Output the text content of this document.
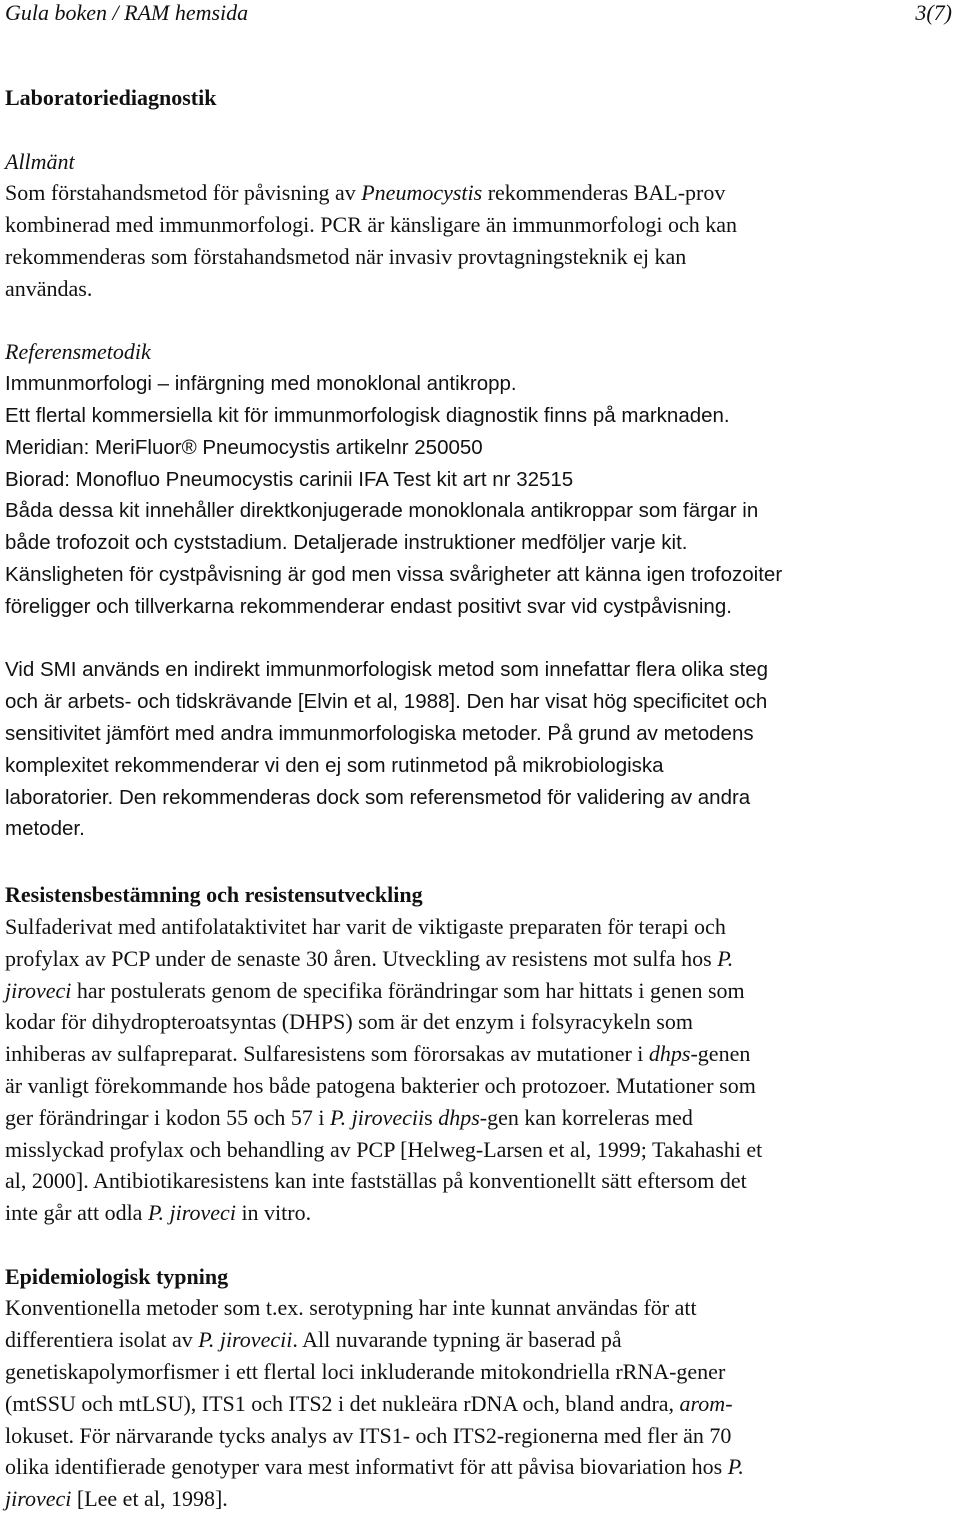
Gula boken / RAM hemsida	3(7)
Laboratoriediagnostik
Allmänt
Som förstahandsmetod för påvisning av Pneumocystis rekommenderas BAL-prov
kombinerad med immunmorfologi. PCR är känsligare än immunmorfologi och kan
rekommenderas som förstahandsmetod när invasiv provtagningsteknik ej kan
användas.
Referensmetodik
Immunmorfologi – infärgning med monoklonal antikropp.
Ett flertal kommersiella kit för immunmorfologisk diagnostik finns på marknaden.
Meridian: MeriFluor® Pneumocystis artikelnr 250050
Biorad: Monofluo Pneumocystis carinii IFA Test kit art nr 32515
Båda dessa kit innehåller direktkonjugerade monoklonala antikroppar som färgar in
både trofozoit och cyststadium. Detaljerade instruktioner medföljer varje kit.
Känsligheten för cystpåvisning är god men vissa svårigheter att känna igen trofozoiter
föreligger och tillverkarna rekommenderar endast positivt svar vid cystpåvisning.
Vid SMI används en indirekt immunmorfologisk metod som innefattar flera olika steg
och är arbets- och tidskrävande [Elvin et al, 1988]. Den har visat hög specificitet och
sensitivitet jämfört med andra immunmorfologiska metoder. På grund av metodens
komplexitet rekommenderar vi den ej som rutinmetod på mikrobiologiska
laboratorier. Den rekommenderas dock som referensmetod för validering av andra
metoder.
Resistensbestämning och resistensutveckling
Sulfaderivat med antifolataktivitet har varit de viktigaste preparaten för terapi och
profylax av PCP under de senaste 30 åren. Utveckling av resistens mot sulfa hos P.
jiroveci har postulerats genom de specifika förändringar som har hittats i genen som
kodar för dihydropteroatsyntas (DHPS) som är det enzym i folsyracykeln som
inhiberas av sulfapreparat. Sulfaresistens som förorsakas av mutationer i dhps-genen
är vanligt förekommande hos både patogena bakterier och protozoer. Mutationer som
ger förändringar i kodon 55 och 57 i P. jiroveciis dhps-gen kan korreleras med
misslyckad profylax och behandling av PCP [Helweg-Larsen et al, 1999; Takahashi et
al, 2000]. Antibiotikaresistens kan inte fastställas på konventionellt sätt eftersom det
inte går att odla P. jiroveci in vitro.
Epidemiologisk typning
Konventionella metoder som t.ex. serotypning har inte kunnat användas för att
differentiera isolat av P. jirovecii. All nuvarande typning är baserad på
genetiskapolymorfismer i ett flertal loci inkluderande mitokondriella rRNA-gener
(mtSSU och mtLSU), ITS1 och ITS2 i det nukleära rDNA och, bland andra, arom-
lokuset. För närvarande tycks analys av ITS1- och ITS2-regionerna med fler än 70
olika identifierade genotyper vara mest informativt för att påvisa biovariation hos P.
jiroveci [Lee et al, 1998].
